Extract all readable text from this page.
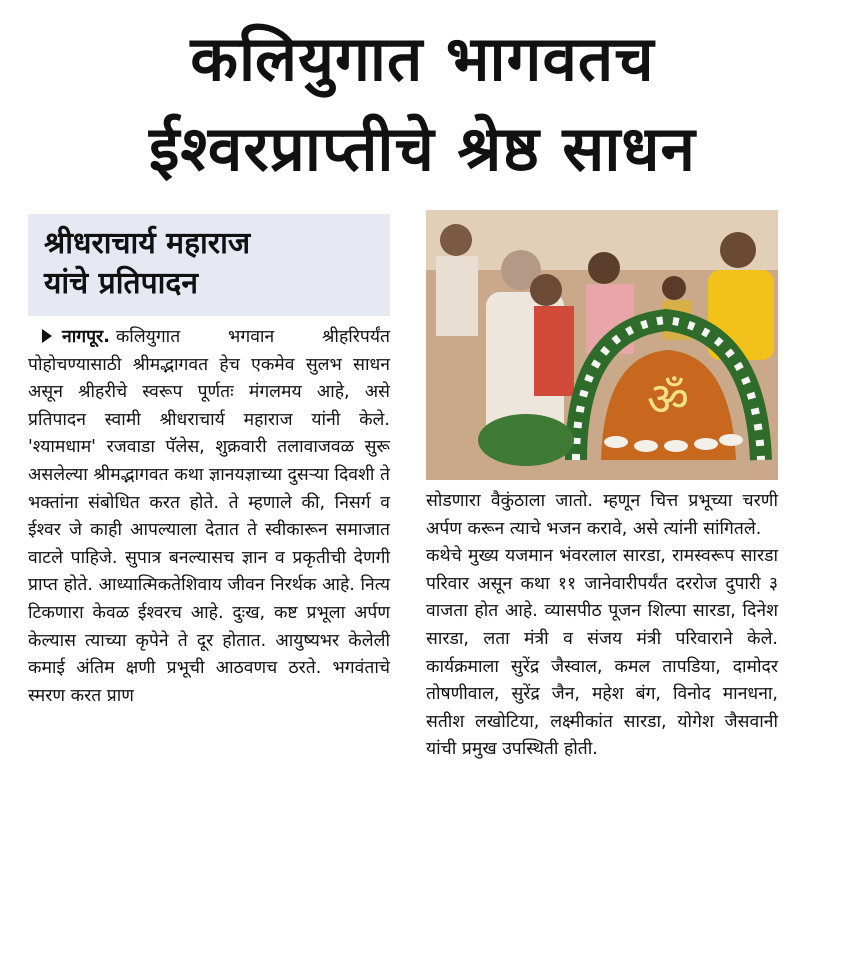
कलियुगात भागवतच
ईश्वरप्राप्तीचे श्रेष्ठ साधन
श्रीधराचार्य महाराज
यांचे प्रतिपादन
ॐ

नागपूर. कलियुगात भगवान श्रीहरिपर्यंत पोहोचण्यासाठी श्रीमद्भागवत हेच एकमेव सुलभ साधन असून श्रीहरीचे स्वरूप पूर्णतः मंगलमय आहे, असे प्रतिपादन स्वामी श्रीधराचार्य महाराज यांनी केले. 'श्यामधाम' रजवाडा पॅलेस, शुक्रवारी तलावाजवळ सुरू असलेल्या श्रीमद्भागवत कथा ज्ञानयज्ञाच्या दुसऱ्या दिवशी ते भक्तांना संबोधित करत होते. ते म्हणाले की, निसर्ग व ईश्वर जे काही आपल्याला देतात ते स्वीकारून समाजात वाटले पाहिजे. सुपात्र बनल्यासच ज्ञान व प्रकृतीची देणगी प्राप्त होते. आध्यात्मिकतेशिवाय जीवन निरर्थक आहे. नित्य टिकणारा केवळ ईश्वरच आहे. दुःख, कष्ट प्रभूला अर्पण केल्यास त्याच्या कृपेने ते दूर होतात. आयुष्यभर केलेली कमाई अंतिम क्षणी प्रभूची आठवणच ठरते. भगवंताचे स्मरण करत प्राण

सोडणारा वैकुंठाला जातो. म्हणून चित्त प्रभूच्या चरणी अर्पण करून त्याचे भजन करावे, असे त्यांनी सांगितले.

कथेचे मुख्य यजमान भंवरलाल सारडा, रामस्वरूप सारडा परिवार असून कथा ११ जानेवारीपर्यंत दररोज दुपारी ३ वाजता होत आहे. व्यासपीठ पूजन शिल्पा सारडा, दिनेश सारडा, लता मंत्री व संजय मंत्री परिवाराने केले. कार्यक्रमाला सुरेंद्र जैस्वाल, कमल तापडिया, दामोदर तोषणीवाल, सुरेंद्र जैन, महेश बंग, विनोद मानधना, सतीश लखोटिया, लक्ष्मीकांत सारडा, योगेश जैसवानी यांची प्रमुख उपस्थिती होती.
